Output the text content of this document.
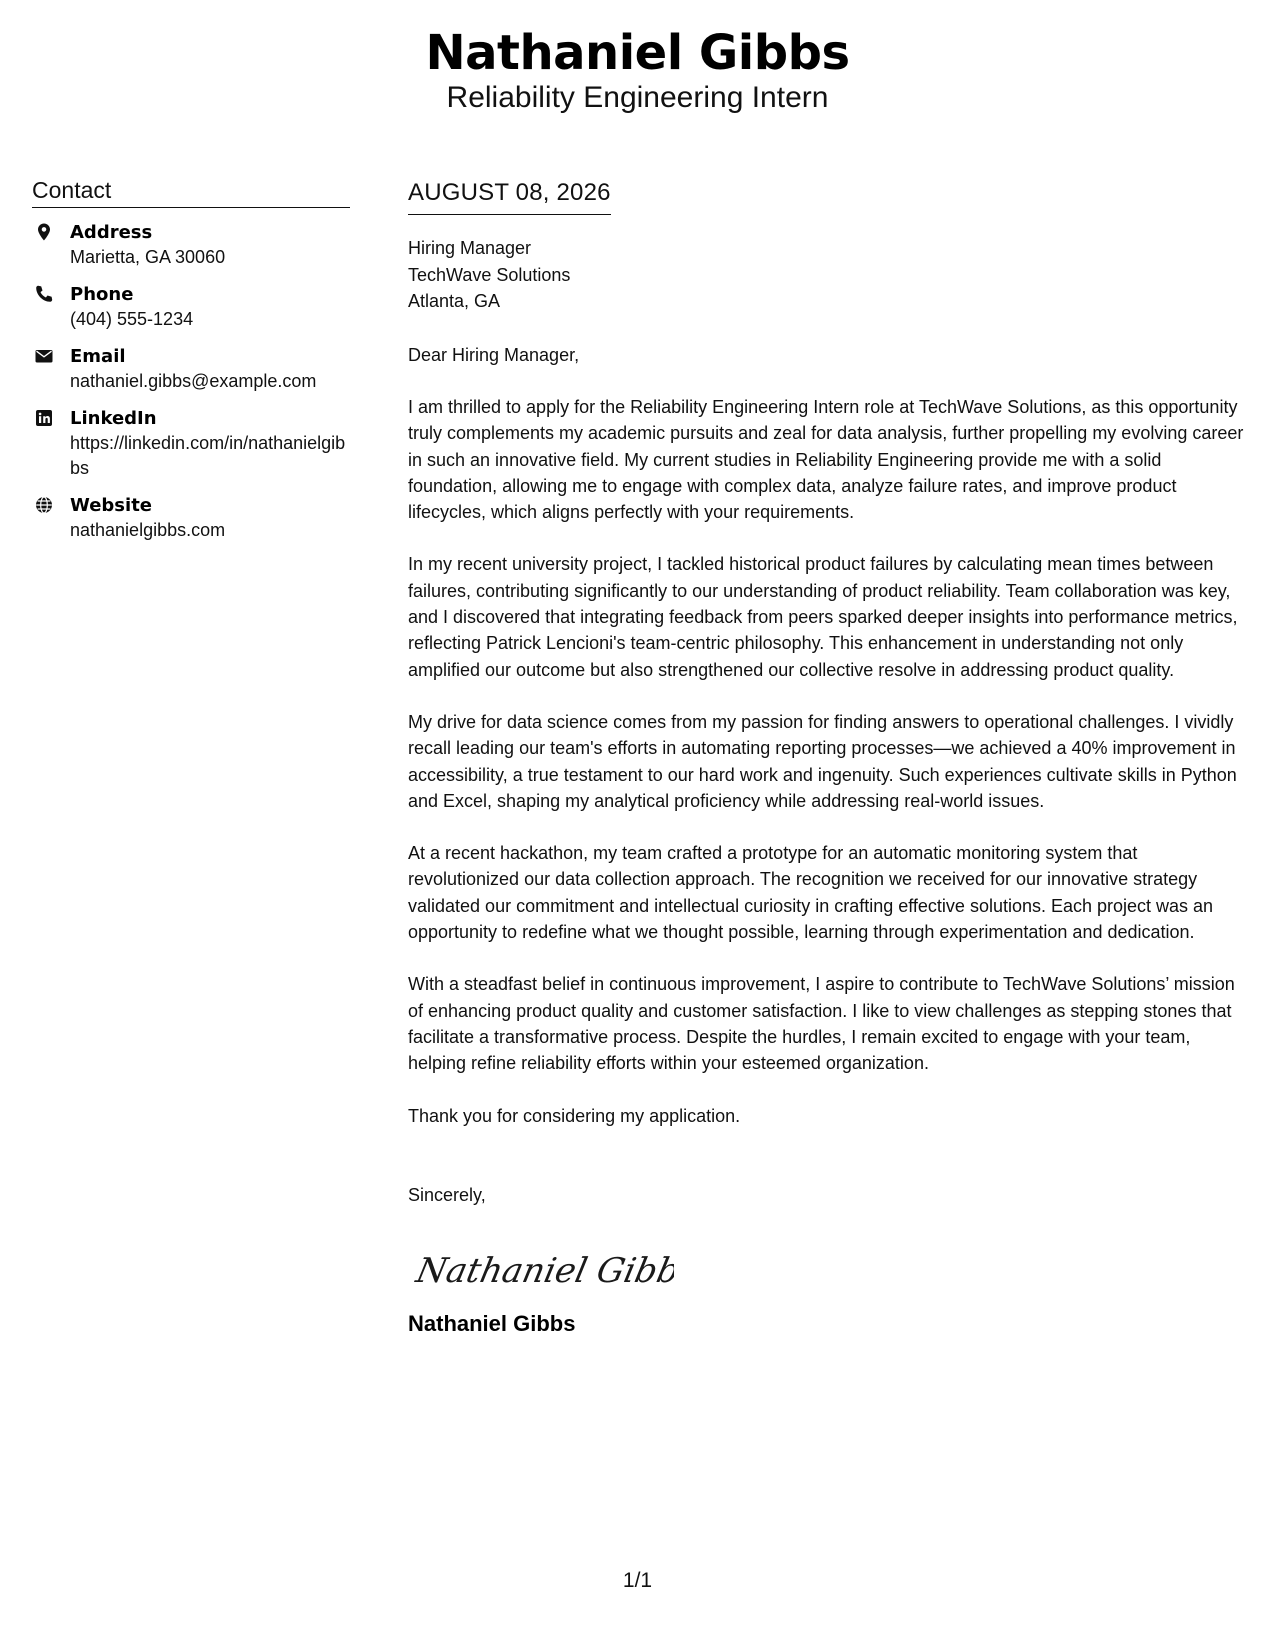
Nathaniel Gibbs
Reliability Engineering Intern
Contact
Address
Marietta, GA 30060
Phone
(404) 555-1234
Email
nathaniel.gibbs@example.com
LinkedIn
https://linkedin.com/in/nathanielgibbs
Website
nathanielgibbs.com
AUGUST 08, 2026
Hiring Manager
TechWave Solutions
Atlanta, GA
Dear Hiring Manager,
I am thrilled to apply for the Reliability Engineering Intern role at TechWave Solutions, as this opportunity truly complements my academic pursuits and zeal for data analysis, further propelling my evolving career in such an innovative field. My current studies in Reliability Engineering provide me with a solid foundation, allowing me to engage with complex data, analyze failure rates, and improve product lifecycles, which aligns perfectly with your requirements.
In my recent university project, I tackled historical product failures by calculating mean times between failures, contributing significantly to our understanding of product reliability. Team collaboration was key, and I discovered that integrating feedback from peers sparked deeper insights into performance metrics, reflecting Patrick Lencioni's team-centric philosophy. This enhancement in understanding not only amplified our outcome but also strengthened our collective resolve in addressing product quality.
My drive for data science comes from my passion for finding answers to operational challenges. I vividly recall leading our team's efforts in automating reporting processes—we achieved a 40% improvement in accessibility, a true testament to our hard work and ingenuity. Such experiences cultivate skills in Python and Excel, shaping my analytical proficiency while addressing real-world issues.
At a recent hackathon, my team crafted a prototype for an automatic monitoring system that revolutionized our data collection approach. The recognition we received for our innovative strategy validated our commitment and intellectual curiosity in crafting effective solutions. Each project was an opportunity to redefine what we thought possible, learning through experimentation and dedication.
With a steadfast belief in continuous improvement, I aspire to contribute to TechWave Solutions’ mission of enhancing product quality and customer satisfaction. I like to view challenges as stepping stones that facilitate a transformative process. Despite the hurdles, I remain excited to engage with your team, helping refine reliability efforts within your esteemed organization.
Thank you for considering my application.
Sincerely,
Nathaniel Gibbs
Nathaniel Gibbs
1/1
